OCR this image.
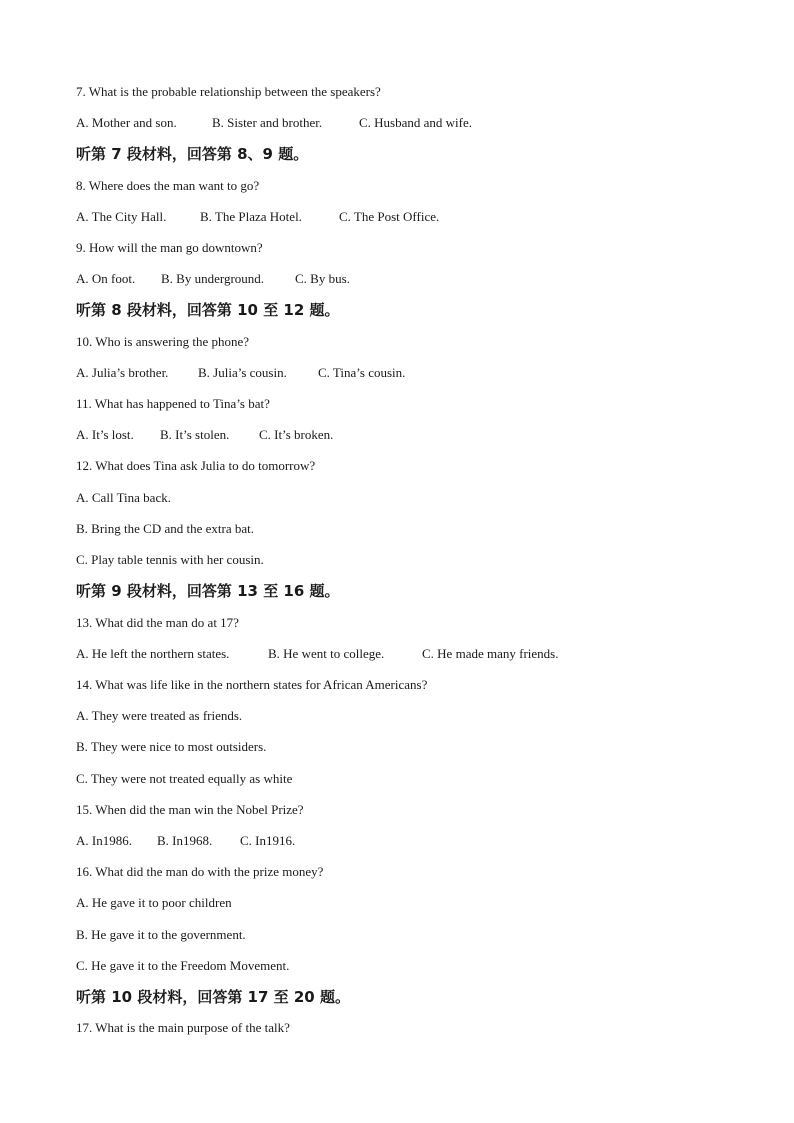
7. What is the probable relationship between the speakers?
A. Mother and son.	B. Sister and brother.	C. Husband and wife.
听第 7 段材料，回答第 8、9 题。
8. Where does the man want to go?
A. The City Hall.	B. The Plaza Hotel.	C. The Post Office.
9. How will the man go downtown?
A. On foot. B. By underground. C. By bus.
听第 8 段材料，回答第 10 至 12 题。
10. Who is answering the phone?
A. Julia’s brother. B. Julia’s cousin. C. Tina’s cousin.
11. What has happened to Tina’s bat?
A. It’s lost. B. It’s stolen. C. It’s broken.
12. What does Tina ask Julia to do tomorrow?
A. Call Tina back.
B. Bring the CD and the extra bat.
C. Play table tennis with her cousin.
听第 9 段材料，回答第 13 至 16 题。
13. What did the man do at 17?
A. He left the northern states.	B. He went to college.	C. He made many friends.
14. What was life like in the northern states for African Americans?
A. They were treated as friends.
B. They were nice to most outsiders.
C. They were not treated equally as white
15. When did the man win the Nobel Prize?
A. In1986. B. In1968. C. In1916.
16. What did the man do with the prize money?
A. He gave it to poor children
B. He gave it to the government.
C. He gave it to the Freedom Movement.
听第 10 段材料，回答第 17 至 20 题。
17. What is the main purpose of the talk?
